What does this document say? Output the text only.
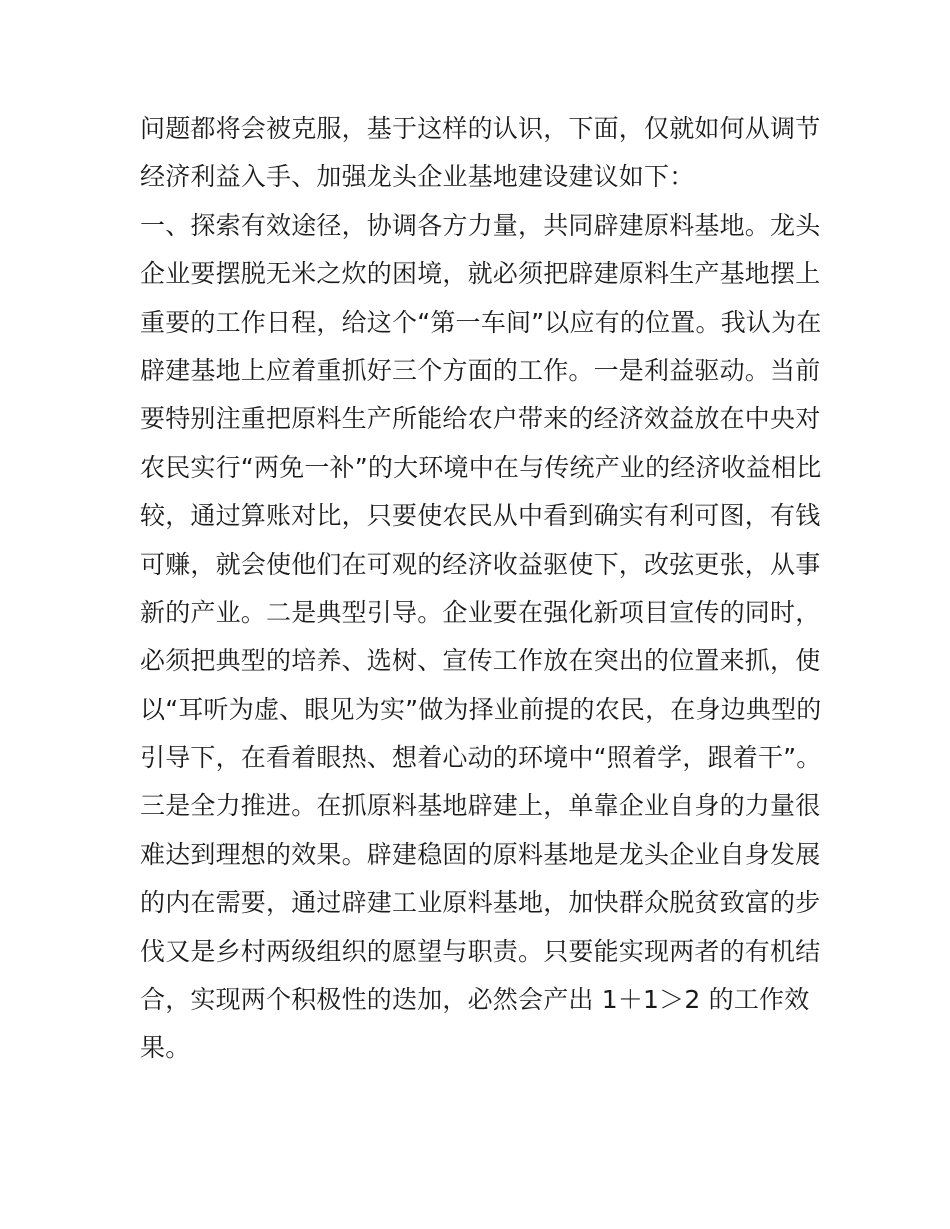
问题都将会被克服，基于这样的认识，下面，仅就如何从调节
经济利益入手、加强龙头企业基地建设建议如下：
一、探索有效途径，协调各方力量，共同辟建原料基地。龙头
企业要摆脱无米之炊的困境，就必须把辟建原料生产基地摆上
重要的工作日程，给这个“第一车间”以应有的位置。我认为在
辟建基地上应着重抓好三个方面的工作。一是利益驱动。当前
要特别注重把原料生产所能给农户带来的经济效益放在中央对
农民实行“两免一补”的大环境中在与传统产业的经济收益相比
较，通过算账对比，只要使农民从中看到确实有利可图，有钱
可赚，就会使他们在可观的经济收益驱使下，改弦更张，从事
新的产业。二是典型引导。企业要在强化新项目宣传的同时，
必须把典型的培养、选树、宣传工作放在突出的位置来抓，使
以“耳听为虚、眼见为实”做为择业前提的农民，在身边典型的
引导下，在看着眼热、想着心动的环境中“照着学，跟着干”。
三是全力推进。在抓原料基地辟建上，单靠企业自身的力量很
难达到理想的效果。辟建稳固的原料基地是龙头企业自身发展
的内在需要，通过辟建工业原料基地，加快群众脱贫致富的步
伐又是乡村两级组织的愿望与职责。只要能实现两者的有机结
合，实现两个积极性的迭加，必然会产出 1＋1＞2 的工作效
果。
